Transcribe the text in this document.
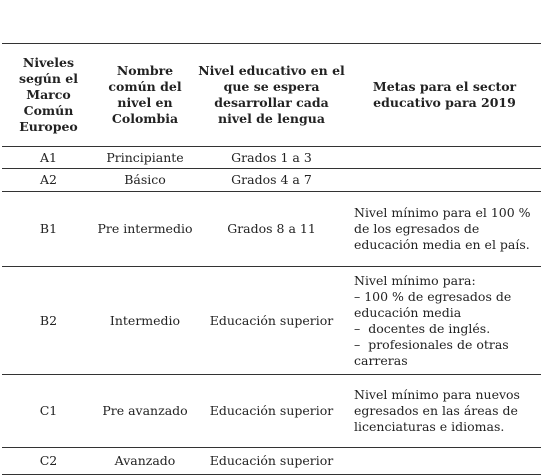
Niveles según el Marco Común Europeo	Nombre común del nivel en Colombia	Nivel educativo en el que se espera desarrollar cada nivel de lengua	Metas para el sector educativo para 2019
A1	Principiante	Grados 1 a 3	
A2	Básico	Grados 4 a 7	
B1	Pre intermedio	Grados 8 a 11	Nivel mínimo para el 100 % de los egresados de educación media en el país.

B2	Intermedio	Educación superior	Nivel mínimo para:
– 100 % de egresados de educación media
–  docentes de inglés.
–  profesionales de otras carreras

C1	Pre avanzado	Educación superior	Nivel mínimo para nuevos egresados en las áreas de licenciaturas e idiomas.

C2	Avanzado	Educación superior	
